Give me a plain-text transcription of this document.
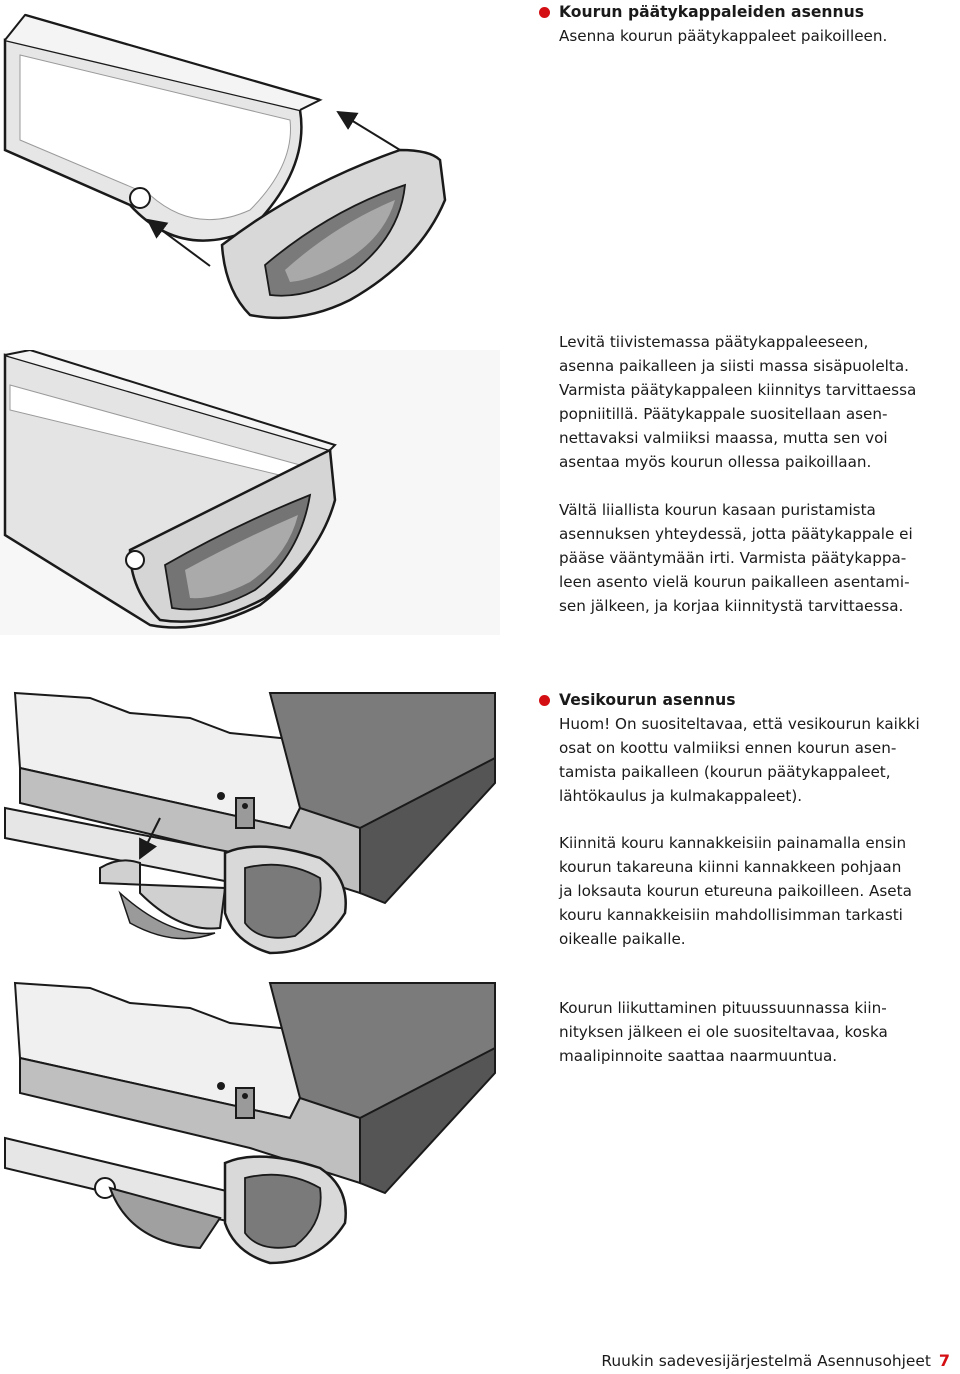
Kourun päätykappaleiden asennus

Asenna kourun päätykappaleet paikoilleen.

Levitä tiivistemassa päätykappaleeseen,

asenna paikalleen ja siisti massa sisäpuolelta.

Varmista päätykappaleen kiinnitys tarvittaessa

popniitillä. Päätykappale suositellaan asen-

nettavaksi valmiiksi maassa, mutta sen voi

asentaa myös kourun ollessa paikoillaan.

Vältä liiallista kourun kasaan puristamista

asennuksen yhteydessä, jotta päätykappale ei

pääse vääntymään irti. Varmista päätykappa-

leen asento vielä kourun paikalleen asentami-

sen jälkeen, ja korjaa kiinnitystä tarvittaessa.

Vesikourun asennus

Huom! On suositeltavaa, että vesikourun kaikki

osat on koottu valmiiksi ennen kourun asen-

tamista paikalleen (kourun päätykappaleet,

lähtökaulus ja kulmakappaleet).

Kiinnitä kouru kannakkeisiin painamalla ensin

kourun takareuna kiinni kannakkeen pohjaan

ja loksauta kourun etureuna paikoilleen. Aseta

kouru kannakkeisiin mahdollisimman tarkasti

oikealle paikalle.

Kourun liikuttaminen pituussuunnassa kiin-

nityksen jälkeen ei ole suositeltavaa, koska

maalipinnoite saattaa naarmuuntua.

Ruukin sadevesijärjestelmä Asennusohjeet 7
